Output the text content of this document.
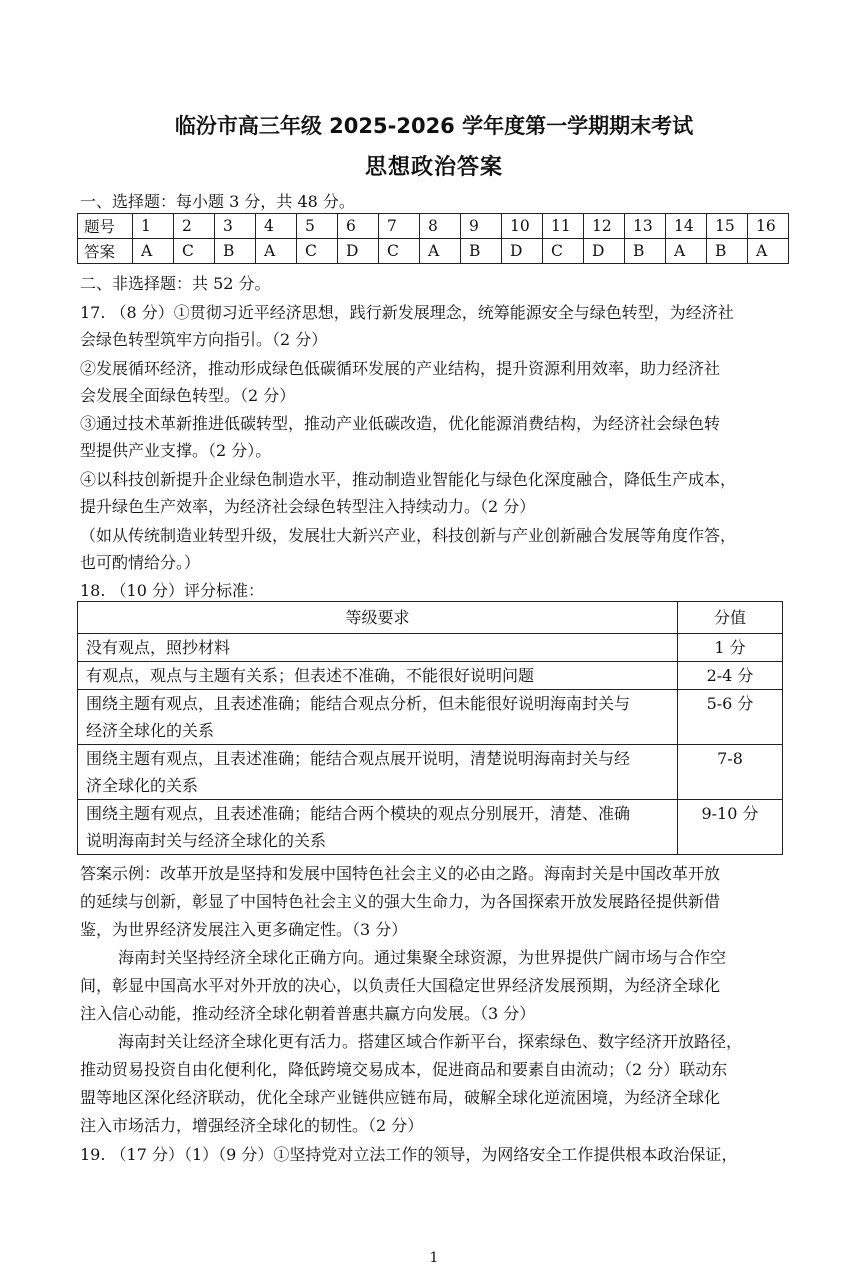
临汾市高三年级 2025-2026 学年度第一学期期末考试
思想政治答案
一、选择题：每小题 3 分，共 48 分。
题号	1	2	3	4	5	6	7	8	9	10	11	12	13	14	15	16
答案	A	C	B	A	C	D	C	A	B	D	C	D	B	A	B	A
二、非选择题：共 52 分。
17. （8 分）①贯彻习近平经济思想，践行新发展理念，统筹能源安全与绿色转型，为经济社
会绿色转型筑牢方向指引。（2 分）
②发展循环经济，推动形成绿色低碳循环发展的产业结构，提升资源利用效率，助力经济社
会发展全面绿色转型。（2 分）
③通过技术革新推进低碳转型，推动产业低碳改造，优化能源消费结构，为经济社会绿色转
型提供产业支撑。（2 分）。
④以科技创新提升企业绿色制造水平，推动制造业智能化与绿色化深度融合，降低生产成本，
提升绿色生产效率，为经济社会绿色转型注入持续动力。（2 分）
（如从传统制造业转型升级，发展壮大新兴产业，科技创新与产业创新融合发展等角度作答，
也可酌情给分。）
18. （10 分）评分标准：
等级要求	分值
没有观点，照抄材料	1 分
有观点，观点与主题有关系；但表述不准确，不能很好说明问题	2-4 分
围绕主题有观点，且表述准确；能结合观点分析，但未能很好说明海南封关与
经济全球化的关系	5-6 分
围绕主题有观点，且表述准确；能结合观点展开说明，清楚说明海南封关与经
济全球化的关系	7-8
围绕主题有观点，且表述准确；能结合两个模块的观点分别展开，清楚、准确
说明海南封关与经济全球化的关系	9-10 分
答案示例：改革开放是坚持和发展中国特色社会主义的必由之路。海南封关是中国改革开放
的延续与创新，彰显了中国特色社会主义的强大生命力，为各国探索开放发展路径提供新借
鉴，为世界经济发展注入更多确定性。（3 分）
海南封关坚持经济全球化正确方向。通过集聚全球资源，为世界提供广阔市场与合作空
间，彰显中国高水平对外开放的决心，以负责任大国稳定世界经济发展预期，为经济全球化
注入信心动能，推动经济全球化朝着普惠共赢方向发展。（3 分）
海南封关让经济全球化更有活力。搭建区域合作新平台，探索绿色、数字经济开放路径，
推动贸易投资自由化便利化，降低跨境交易成本，促进商品和要素自由流动；（2 分）联动东
盟等地区深化经济联动，优化全球产业链供应链布局，破解全球化逆流困境，为经济全球化
注入市场活力，增强经济全球化的韧性。（2 分）
19. （17 分）（1）（9 分）①坚持党对立法工作的领导，为网络安全工作提供根本政治保证，
1
